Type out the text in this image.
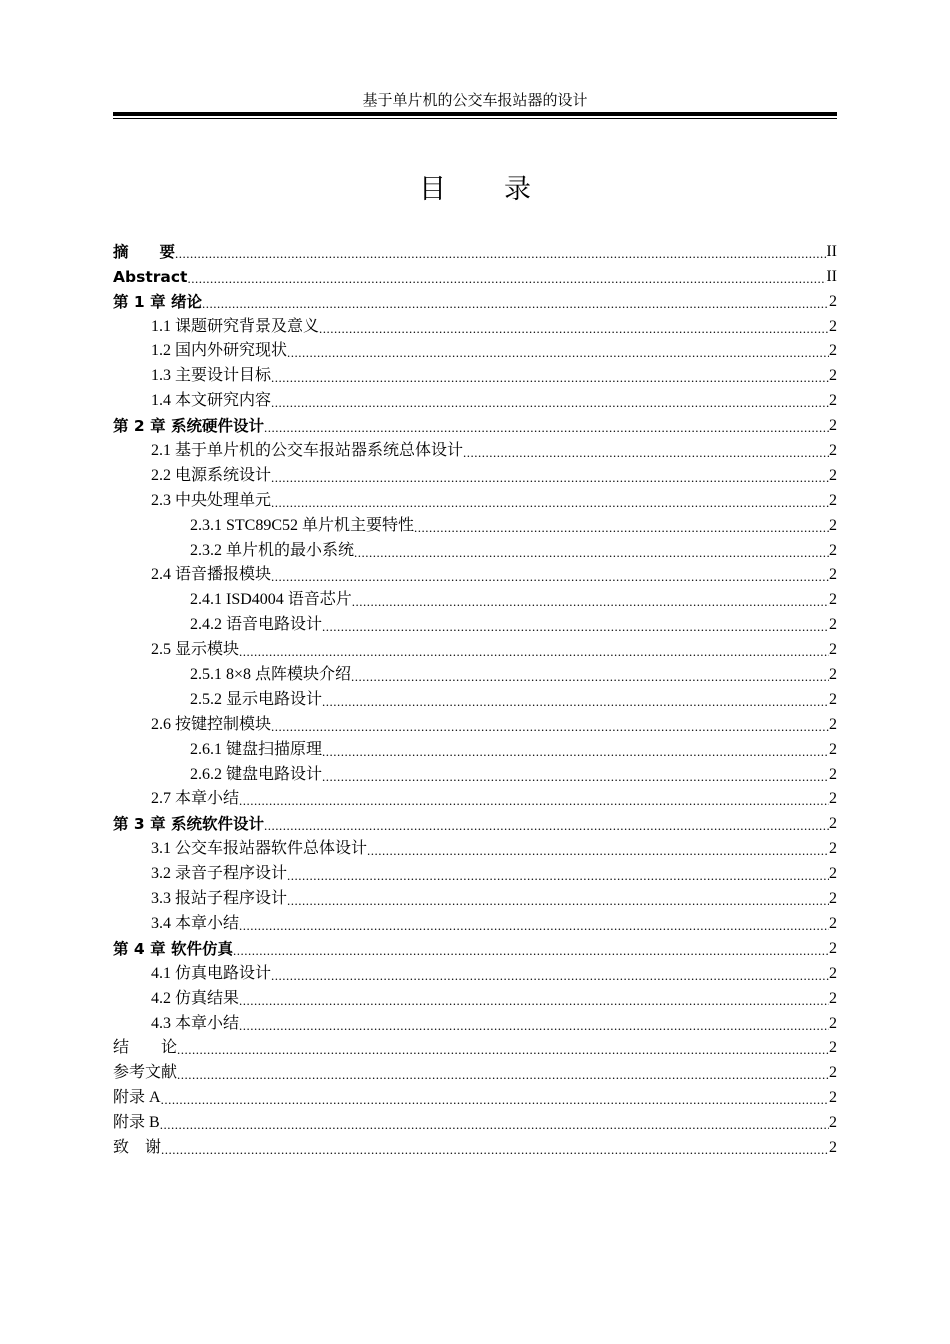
基于单片机的公交车报站器的设计
目录
摘　　要 .....	II
Abstract .....	II
第 1 章 绪论 .....	2
1.1 课题研究背景及意义 .....	2
1.2 国内外研究现状 .....	2
1.3 主要设计目标 .....	2
1.4 本文研究内容 .....	2
第 2 章 系统硬件设计 .....	2
2.1 基于单片机的公交车报站器系统总体设计 .....	2
2.2 电源系统设计 .....	2
2.3 中央处理单元 .....	2
2.3.1 STC89C52 单片机主要特性 .....	2
2.3.2 单片机的最小系统 .....	2
2.4 语音播报模块 .....	2
2.4.1 ISD4004 语音芯片 .....	2
2.4.2 语音电路设计 .....	2
2.5 显示模块 .....	2
2.5.1 8×8 点阵模块介绍 .....	2
2.5.2 显示电路设计 .....	2
2.6 按键控制模块 .....	2
2.6.1 键盘扫描原理 .....	2
2.6.2 键盘电路设计 .....	2
2.7 本章小结 .....	2
第 3 章 系统软件设计 .....	2
3.1 公交车报站器软件总体设计 .....	2
3.2 录音子程序设计 .....	2
3.3 报站子程序设计 .....	2
3.4 本章小结 .....	2
第 4 章 软件仿真 .....	2
4.1 仿真电路设计 .....	2
4.2 仿真结果 .....	2
4.3 本章小结 .....	2
结　　论 .....	2
参考文献 .....	2
附录 A .....	2
附录 B .....	2
致　谢 .....	2
